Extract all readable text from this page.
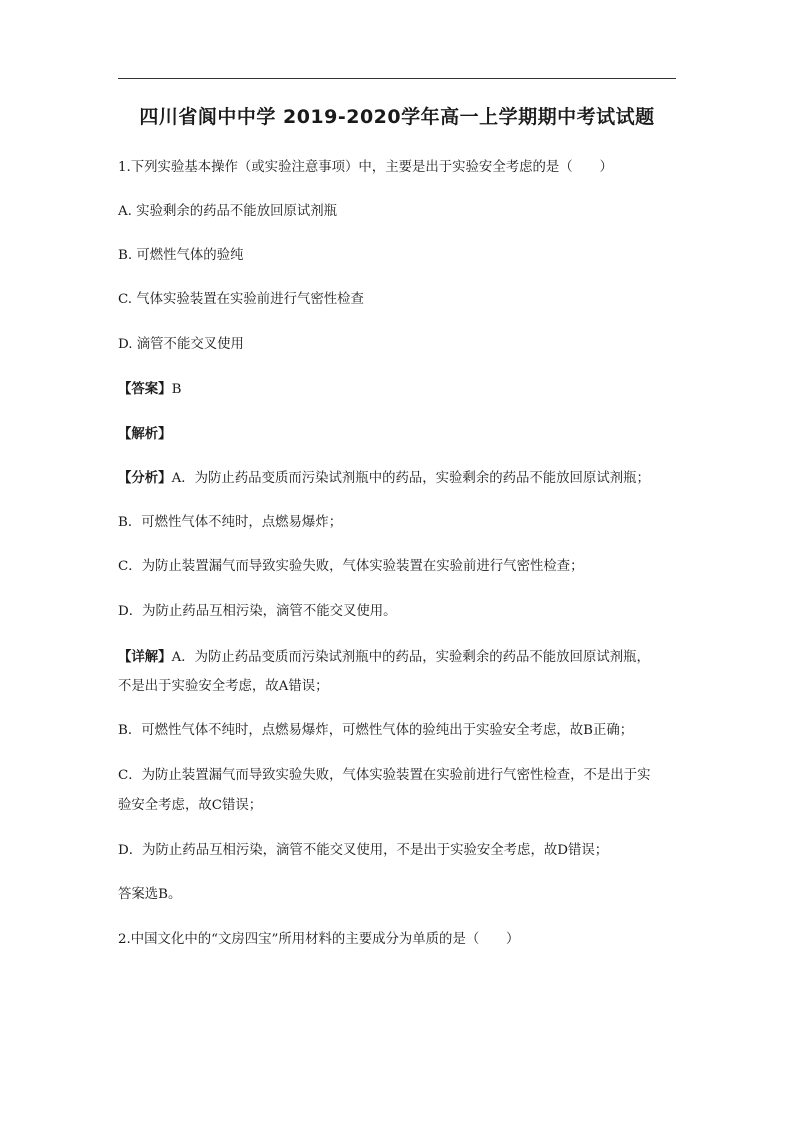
四川省阆中中学 2019-2020学年高一上学期期中考试试题
1.下列实验基本操作（或实验注意事项）中，主要是出于实验安全考虑的是（　　）
A. 实验剩余的药品不能放回原试剂瓶
B. 可燃性气体的验纯
C. 气体实验装置在实验前进行气密性检查
D. 滴管不能交叉使用
【答案】B
【解析】
【分析】A．为防止药品变质而污染试剂瓶中的药品，实验剩余的药品不能放回原试剂瓶；
B．可燃性气体不纯时，点燃易爆炸；
C．为防止装置漏气而导致实验失败，气体实验装置在实验前进行气密性检查；
D．为防止药品互相污染，滴管不能交叉使用。
【详解】A．为防止药品变质而污染试剂瓶中的药品，实验剩余的药品不能放回原试剂瓶，
不是出于实验安全考虑，故A错误；
B．可燃性气体不纯时，点燃易爆炸，可燃性气体的验纯出于实验安全考虑，故B正确；
C．为防止装置漏气而导致实验失败，气体实验装置在实验前进行气密性检查，不是出于实
验安全考虑，故C错误；
D．为防止药品互相污染，滴管不能交叉使用，不是出于实验安全考虑，故D错误；
答案选B。
2.中国文化中的“文房四宝”所用材料的主要成分为单质的是（　　）
